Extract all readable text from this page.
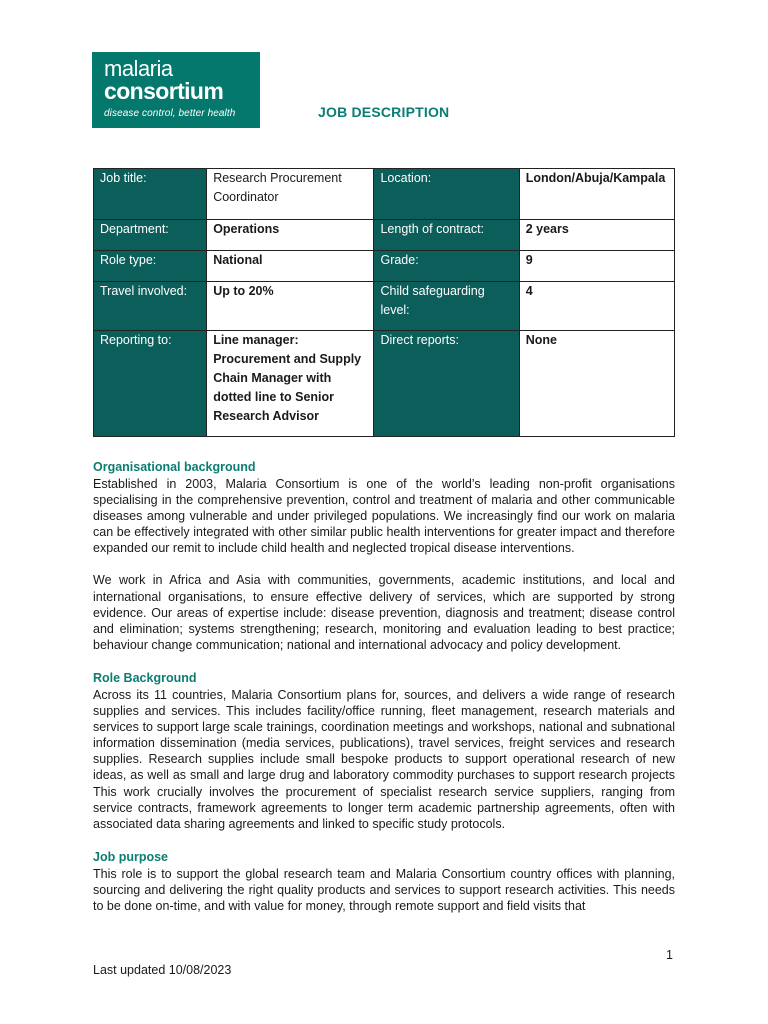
malaria
consortium
disease control, better health	JOB DESCRIPTION
Job title:	Research Procurement Coordinator	Location:	London/Abuja/Kampala
Department:	Operations	Length of contract:	2 years
Role type:	National	Grade:	9
Travel involved:	Up to 20%	Child safeguarding level:	4
Reporting to:	Line manager: Procurement and Supply Chain Manager with dotted line to Senior Research Advisor	Direct reports:	None
Organisational background

Established in 2003, Malaria Consortium is one of the world’s leading non-profit organisations specialising in the comprehensive prevention, control and treatment of malaria and other communicable diseases among vulnerable and under privileged populations. We increasingly find our work on malaria can be effectively integrated with other similar public health interventions for greater impact and therefore expanded our remit to include child health and neglected tropical disease interventions.

We work in Africa and Asia with communities, governments, academic institutions, and local and international organisations, to ensure effective delivery of services, which are supported by strong evidence. Our areas of expertise include: disease prevention, diagnosis and treatment; disease control and elimination; systems strengthening; research, monitoring and evaluation leading to best practice; behaviour change communication; national and international advocacy and policy development.

Role Background

Across its 11 countries, Malaria Consortium plans for, sources, and delivers a wide range of research supplies and services. This includes facility/office running, fleet management, research materials and services to support large scale trainings, coordination meetings and workshops, national and subnational information dissemination (media services, publications), travel services, freight services and research supplies. Research supplies include small bespoke products to support operational research of new ideas, as well as small and large drug and laboratory commodity purchases to support research projects This work crucially involves the procurement of specialist research service suppliers, ranging from service contracts, framework agreements to longer term academic partnership agreements, often with associated data sharing agreements and linked to specific study protocols.

Job purpose

This role is to support the global research team and Malaria Consortium country offices with planning, sourcing and delivering the right quality products and services to support research activities. This needs to be done on-time, and with value for money, through remote support and field visits that

1
Last updated 10/08/2023
